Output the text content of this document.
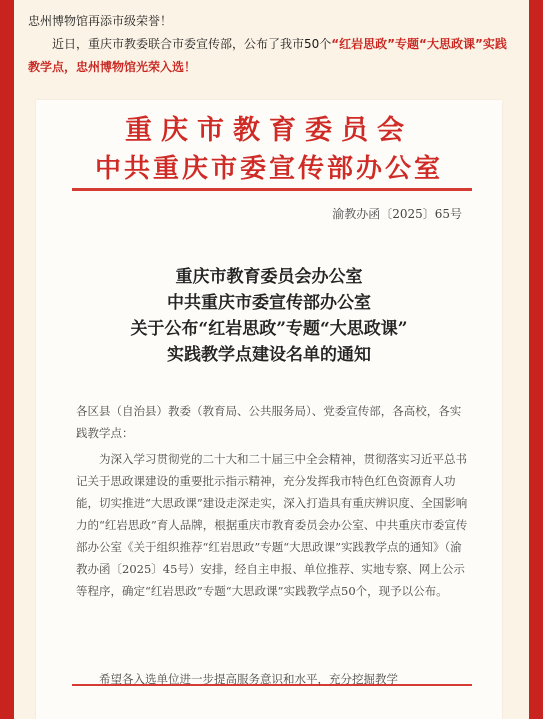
忠州博物馆再添市级荣誉！

近日，重庆市教委联合市委宣传部，公布了我市50个“红岩思政”专题“大思政课”实践教学点，忠州博物馆光荣入选！

重庆市教育委员会
中共重庆市委宣传部办公室
渝教办函〔2025〕65号
重庆市教育委员会办公室
中共重庆市委宣传部办公室
关于公布“红岩思政”专题“大思政课”
实践教学点建设名单的通知
各区县（自治县）教委（教育局、公共服务局）、党委宣传部，各高校，各实践教学点：
为深入学习贯彻党的二十大和二十届三中全会精神，贯彻落实习近平总书记关于思政课建设的重要批示指示精神，充分发挥我市特色红色资源育人功能，切实推进“大思政课”建设走深走实，深入打造具有重庆辨识度、全国影响力的“红岩思政”育人品牌，根据重庆市教育委员会办公室、中共重庆市委宣传部办公室《关于组织推荐“红岩思政”专题“大思政课”实践教学点的通知》（渝教办函〔2025〕45号）安排，经自主申报、单位推荐、实地专察、网上公示等程序，确定“红岩思政”专题“大思政课”实践教学点50个，现予以公布。
希望各入选单位进一步提高服务意识和水平，充分挖掘教学
